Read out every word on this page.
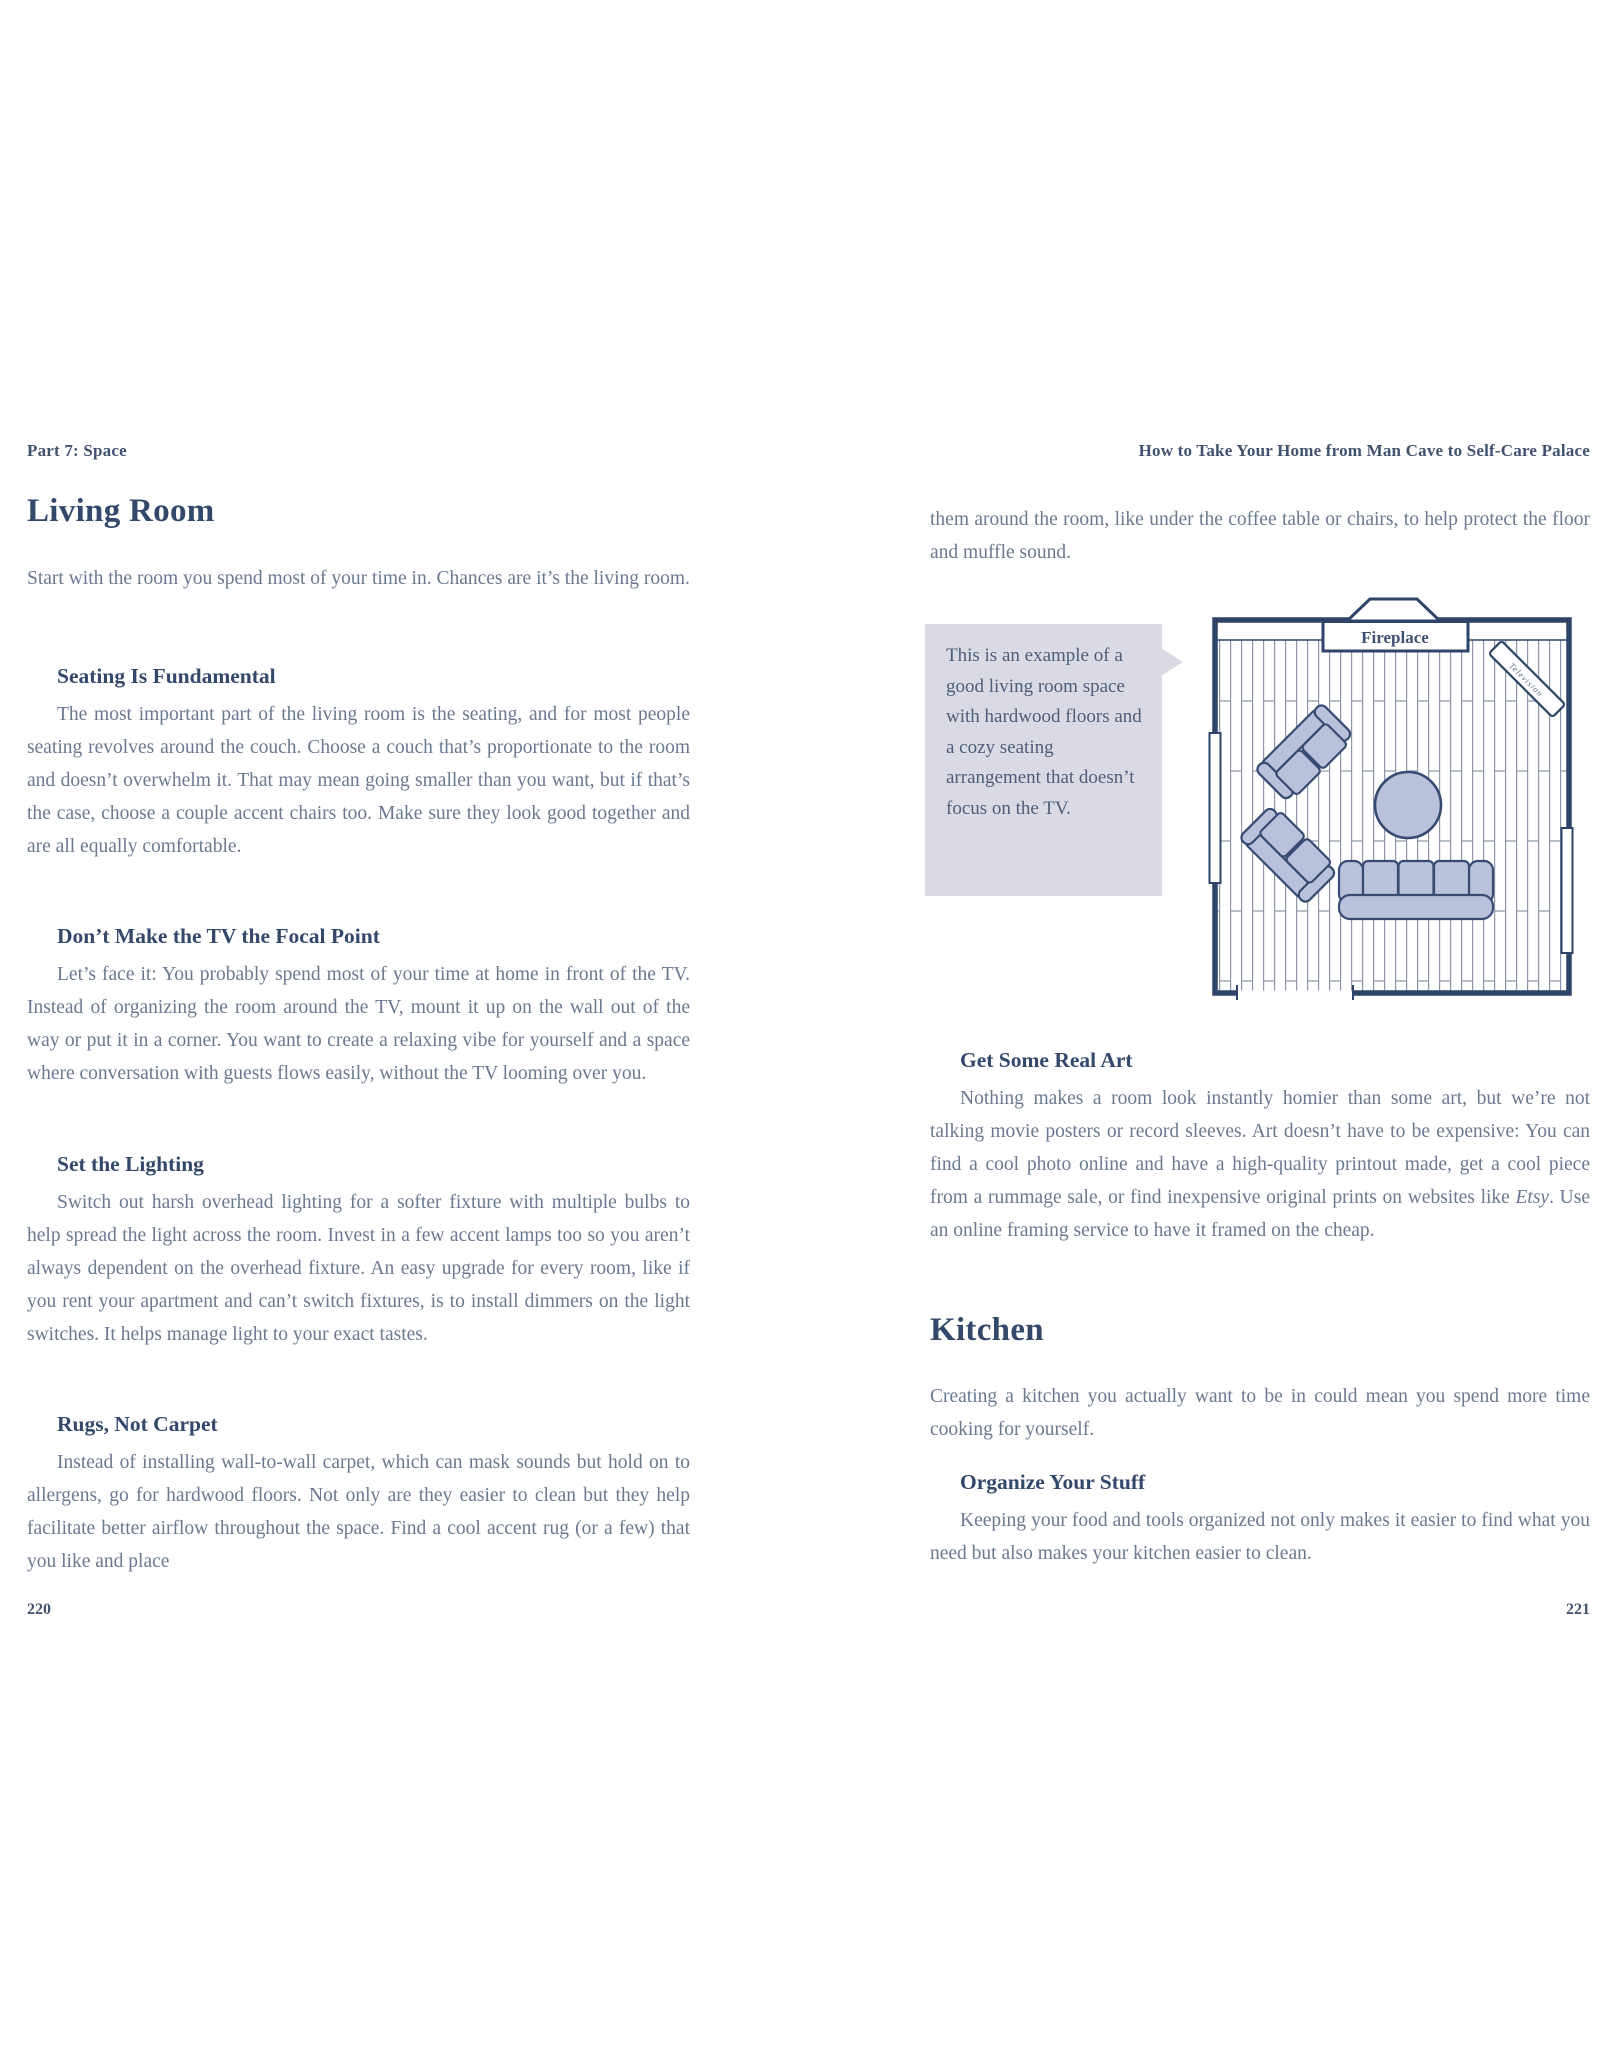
Part 7: Space
Living Room

Start with the room you spend most of your time in. Chances are it’s the living room.

Seating Is Fundamental

The most important part of the living room is the seating, and for most people seating revolves around the couch. Choose a couch that’s proportionate to the room and doesn’t overwhelm it. That may mean going smaller than you want, but if that’s the case, choose a couple accent chairs too. Make sure they look good together and are all equally comfortable.

Don’t Make the TV the Focal Point

Let’s face it: You probably spend most of your time at home in front of the TV. Instead of organizing the room around the TV, mount it up on the wall out of the way or put it in a corner. You want to create a relaxing vibe for yourself and a space where conversation with guests flows easily, without the TV looming over you.

Set the Lighting

Switch out harsh overhead lighting for a softer fixture with multiple bulbs to help spread the light across the room. Invest in a few accent lamps too so you aren’t always dependent on the overhead fixture. An easy upgrade for every room, like if you rent your apartment and can’t switch fixtures, is to install dimmers on the light switches. It helps manage light to your exact tastes.

Rugs, Not Carpet

Instead of installing wall-to-wall carpet, which can mask sounds but hold on to allergens, go for hardwood floors. Not only are they easier to clean but they help facilitate better airflow throughout the space. Find a cool accent rug (or a few) that you like and place

220
How to Take Your Home from Man Cave to Self-Care Palace

them around the room, like under the coffee table or chairs, to help protect the floor and muffle sound.

Get Some Real Art

Nothing makes a room look instantly homier than some art, but we’re not talking movie posters or record sleeves. Art doesn’t have to be expensive: You can find a cool photo online and have a high-quality printout made, get a cool piece from a rummage sale, or find inexpensive original prints on websites like Etsy. Use an online framing service to have it framed on the cheap.

Kitchen

Creating a kitchen you actually want to be in could mean you spend more time cooking for yourself.

Organize Your Stuff

Keeping your food and tools organized not only makes it easier to find what you need but also makes your kitchen easier to clean.

221
This is an example of a good living room space with hardwood floors and a cozy seating arrangement that doesn’t focus on the TV.
Fireplace
Television
